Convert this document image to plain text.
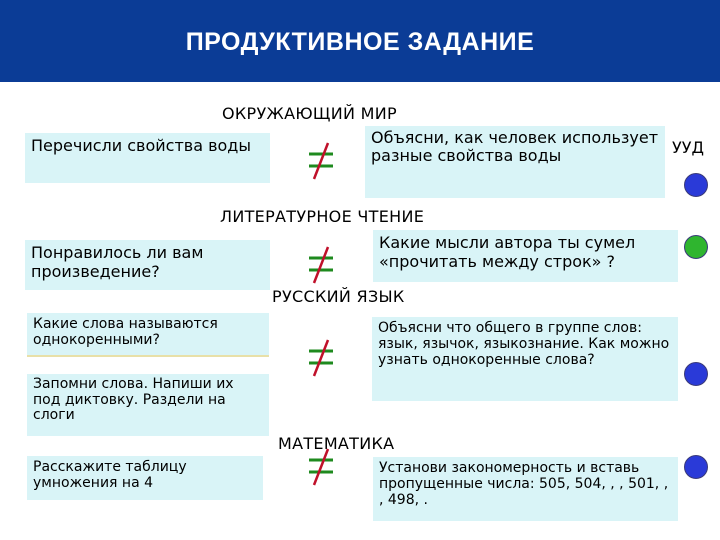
ПРОДУКТИВНОЕ ЗАДАНИЕ
ОКРУЖАЮЩИЙ МИР
ЛИТЕРАТУРНОЕ ЧТЕНИЕ
РУССКИЙ ЯЗЫК
МАТЕМАТИКА
УУД
Перечисли свойства воды	Объясни, как человек использует разные свойства воды
Понравилось ли вам произведение?
Какие мысли автора ты сумел «прочитать между строк» ?
Какие слова называются однокоренными?
Запомни слова. Напиши их под диктовку. Раздели на слоги
Объясни что общего в группе слов: язык, язычок, языкознание. Как можно узнать однокоренные слова?
Расскажите таблицу умножения на 4
Установи закономерность и вставь пропущенные числа: 505, 504, , , 501, , , 498, .
